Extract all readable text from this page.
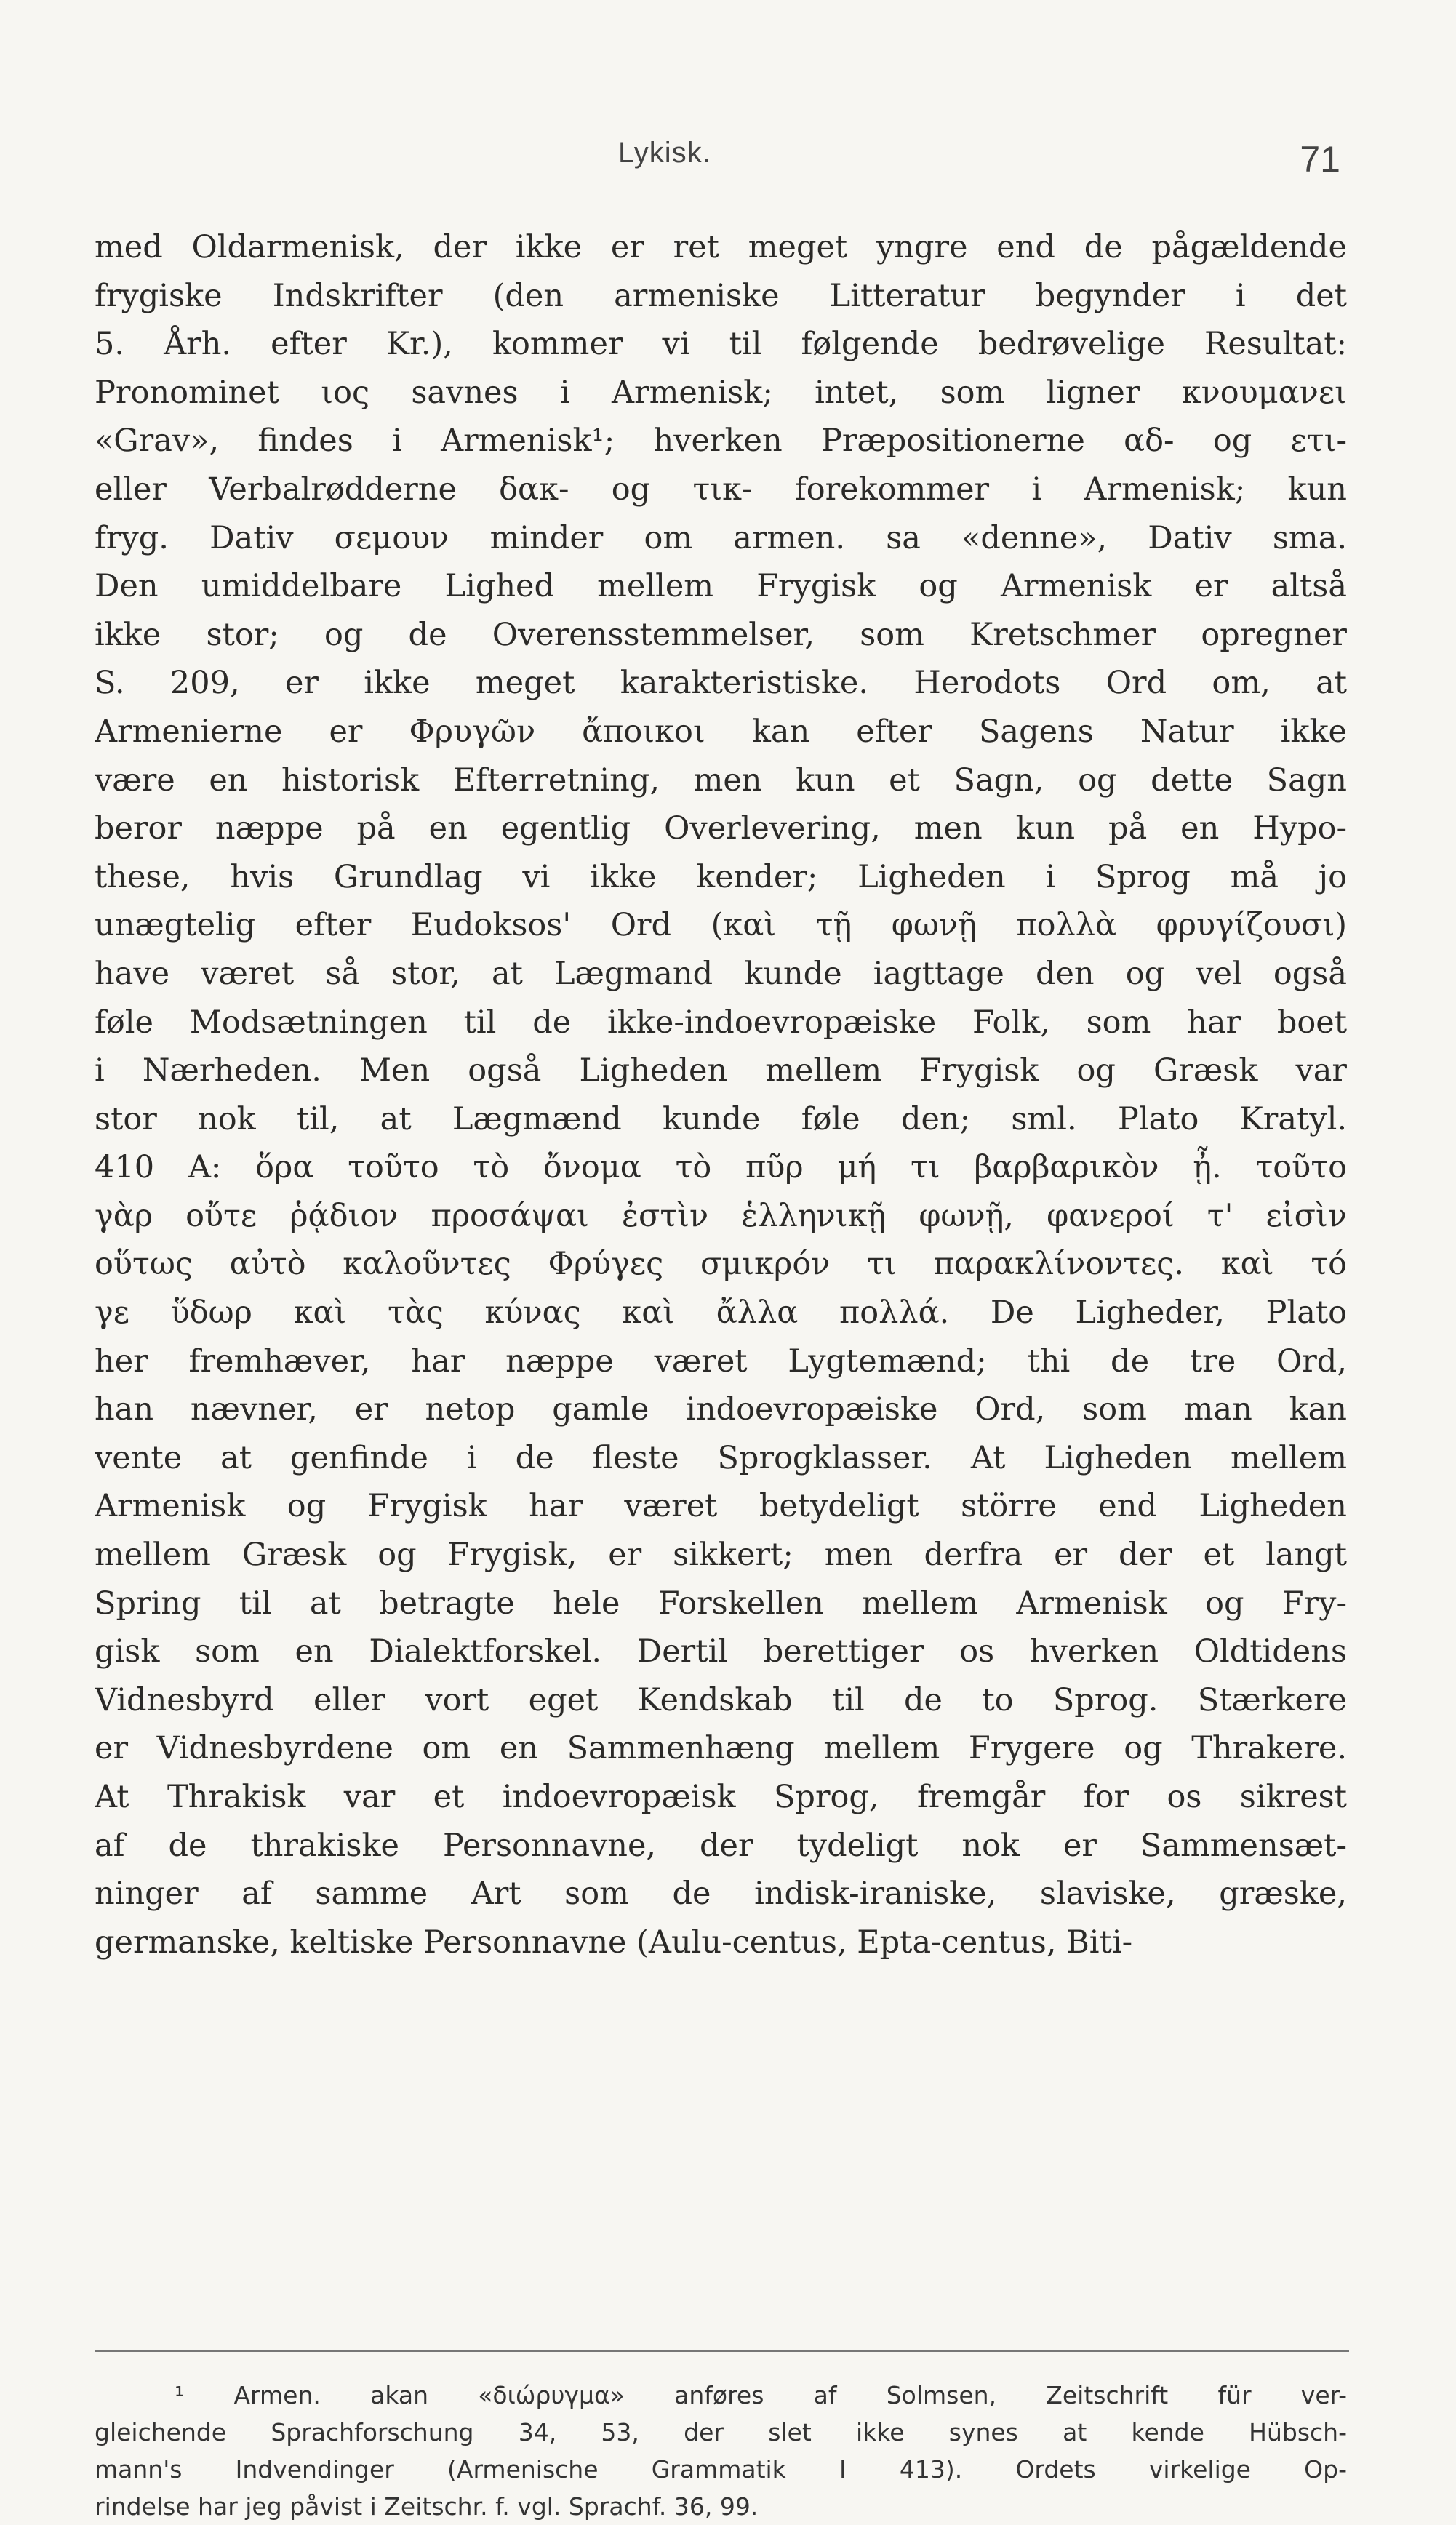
Lykisk.	71
med Oldarmenisk, der ikke er ret meget yngre end de pågældende
frygiske Indskrifter (den armeniske Litteratur begynder i det
5. Årh. efter Kr.), kommer vi til følgende bedrøvelige Resultat:
Pronominet ιος savnes i Armenisk; intet, som ligner κνουμανει
«Grav», findes i Armenisk¹; hverken Præpositionerne αδ- og ετι-
eller Verbalrødderne δακ- og τικ- forekommer i Armenisk; kun
fryg. Dativ σεμουν minder om armen. sa «denne», Dativ sma.
Den umiddelbare Lighed mellem Frygisk og Armenisk er altså
ikke stor; og de Overensstemmelser, som Kretschmer opregner
S. 209, er ikke meget karakteristiske. Herodots Ord om, at
Armenierne er Φρυγῶν ἄποικοι kan efter Sagens Natur ikke
være en historisk Efterretning, men kun et Sagn, og dette Sagn
beror næppe på en egentlig Overlevering, men kun på en Hypo-
these, hvis Grundlag vi ikke kender; Ligheden i Sprog må jo
unægtelig efter Eudoksos' Ord (καὶ τῇ φωνῇ πολλὰ φρυγίζουσι)
have været så stor, at Lægmand kunde iagttage den og vel også
føle Modsætningen til de ikke-indoevropæiske Folk, som har boet
i Nærheden. Men også Ligheden mellem Frygisk og Græsk var
stor nok til, at Lægmænd kunde føle den; sml. Plato Kratyl.
410 A: ὅρα τοῦτο τὸ ὄνομα τὸ πῦρ μή τι βαρβαρικὸν ᾖ. τοῦτο
γὰρ οὔτε ῥᾴδιον προσάψαι ἐστὶν ἑλληνικῇ φωνῇ, φανεροί τ' εἰσὶν
οὕτως αὐτὸ καλοῦντες Φρύγες σμικρόν τι παρακλίνοντες. καὶ τό
γε ὕδωρ καὶ τὰς κύνας καὶ ἄλλα πολλά. De Ligheder, Plato
her fremhæver, har næppe været Lygtemænd; thi de tre Ord,
han nævner, er netop gamle indoevropæiske Ord, som man kan
vente at genfinde i de fleste Sprogklasser. At Ligheden mellem
Armenisk og Frygisk har været betydeligt större end Ligheden
mellem Græsk og Frygisk, er sikkert; men derfra er der et langt
Spring til at betragte hele Forskellen mellem Armenisk og Fry-
gisk som en Dialektforskel. Dertil berettiger os hverken Oldtidens
Vidnesbyrd eller vort eget Kendskab til de to Sprog. Stærkere
er Vidnesbyrdene om en Sammenhæng mellem Frygere og Thrakere.
At Thrakisk var et indoevropæisk Sprog, fremgår for os sikrest
af de thrakiske Personnavne, der tydeligt nok er Sammensæt-
ninger af samme Art som de indisk-iraniske, slaviske, græske,
germanske, keltiske Personnavne (Aulu-centus, Epta-centus, Biti-
¹ Armen. akan «διώρυγμα» anføres af Solmsen, Zeitschrift für ver-
gleichende Sprachforschung 34, 53, der slet ikke synes at kende Hübsch-
mann's Indvendinger (Armenische Grammatik I 413). Ordets virkelige Op-
rindelse har jeg påvist i Zeitschr. f. vgl. Sprachf. 36, 99.
